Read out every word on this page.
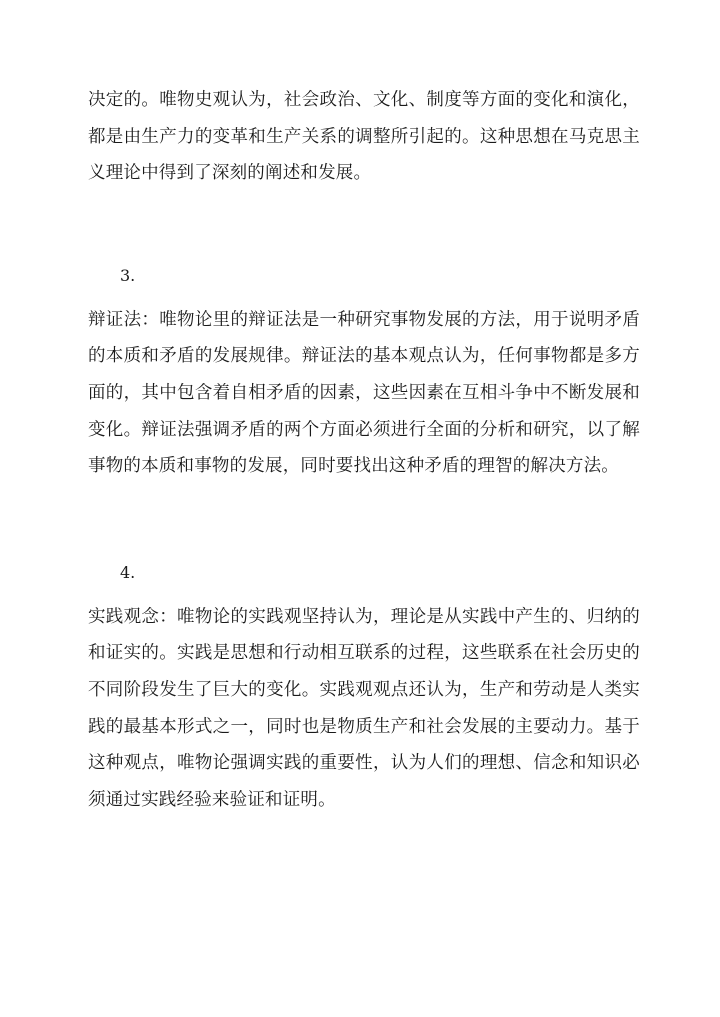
决定的。唯物史观认为，社会政治、文化、制度等方面的变化和演化，都是由生产力的变革和生产关系的调整所引起的。这种思想在马克思主义理论中得到了深刻的阐述和发展。

3.

辩证法：唯物论里的辩证法是一种研究事物发展的方法，用于说明矛盾的本质和矛盾的发展规律。辩证法的基本观点认为，任何事物都是多方面的，其中包含着自相矛盾的因素，这些因素在互相斗争中不断发展和变化。辩证法强调矛盾的两个方面必须进行全面的分析和研究，以了解事物的本质和事物的发展，同时要找出这种矛盾的理智的解决方法。

4.

实践观念：唯物论的实践观坚持认为，理论是从实践中产生的、归纳的和证实的。实践是思想和行动相互联系的过程，这些联系在社会历史的不同阶段发生了巨大的变化。实践观观点还认为，生产和劳动是人类实践的最基本形式之一，同时也是物质生产和社会发展的主要动力。基于这种观点，唯物论强调实践的重要性，认为人们的理想、信念和知识必须通过实践经验来验证和证明。
